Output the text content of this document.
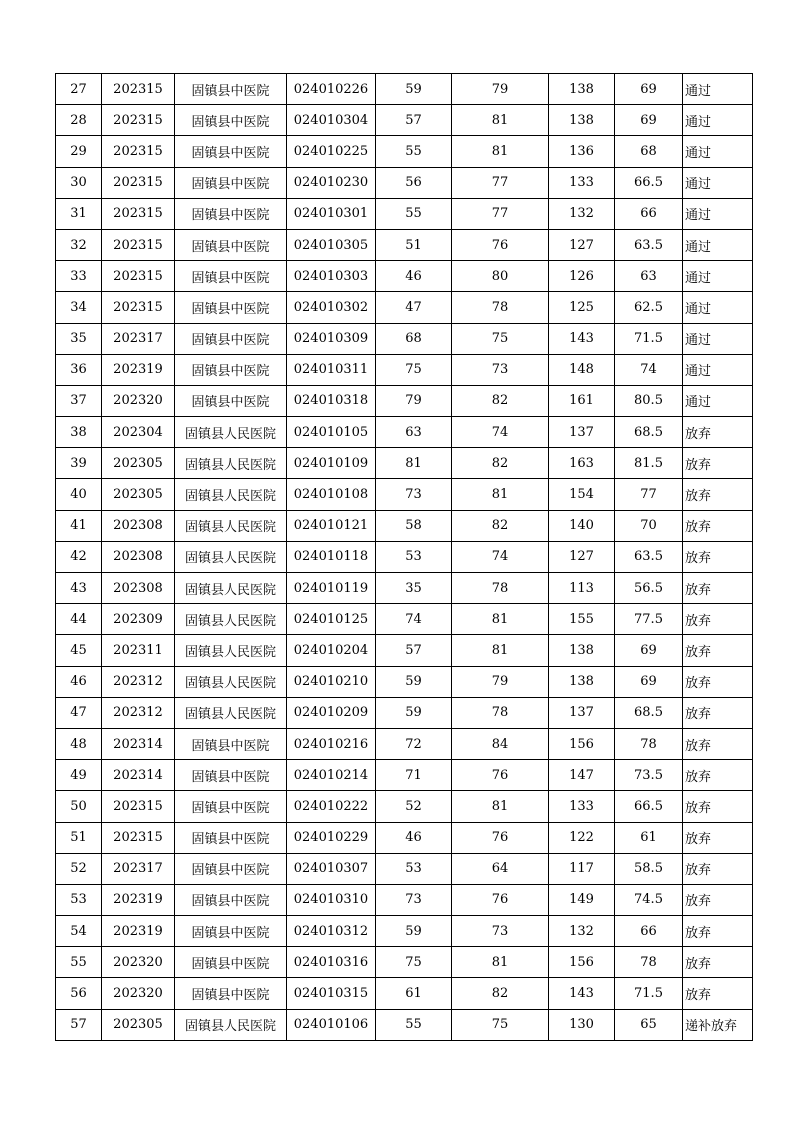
27	202315	固镇县中医院	024010226	59	79	138	69	通过
28	202315	固镇县中医院	024010304	57	81	138	69	通过
29	202315	固镇县中医院	024010225	55	81	136	68	通过
30	202315	固镇县中医院	024010230	56	77	133	66.5	通过
31	202315	固镇县中医院	024010301	55	77	132	66	通过
32	202315	固镇县中医院	024010305	51	76	127	63.5	通过
33	202315	固镇县中医院	024010303	46	80	126	63	通过
34	202315	固镇县中医院	024010302	47	78	125	62.5	通过
35	202317	固镇县中医院	024010309	68	75	143	71.5	通过
36	202319	固镇县中医院	024010311	75	73	148	74	通过
37	202320	固镇县中医院	024010318	79	82	161	80.5	通过
38	202304	固镇县人民医院	024010105	63	74	137	68.5	放弃
39	202305	固镇县人民医院	024010109	81	82	163	81.5	放弃
40	202305	固镇县人民医院	024010108	73	81	154	77	放弃
41	202308	固镇县人民医院	024010121	58	82	140	70	放弃
42	202308	固镇县人民医院	024010118	53	74	127	63.5	放弃
43	202308	固镇县人民医院	024010119	35	78	113	56.5	放弃
44	202309	固镇县人民医院	024010125	74	81	155	77.5	放弃
45	202311	固镇县人民医院	024010204	57	81	138	69	放弃
46	202312	固镇县人民医院	024010210	59	79	138	69	放弃
47	202312	固镇县人民医院	024010209	59	78	137	68.5	放弃
48	202314	固镇县中医院	024010216	72	84	156	78	放弃
49	202314	固镇县中医院	024010214	71	76	147	73.5	放弃
50	202315	固镇县中医院	024010222	52	81	133	66.5	放弃
51	202315	固镇县中医院	024010229	46	76	122	61	放弃
52	202317	固镇县中医院	024010307	53	64	117	58.5	放弃
53	202319	固镇县中医院	024010310	73	76	149	74.5	放弃
54	202319	固镇县中医院	024010312	59	73	132	66	放弃
55	202320	固镇县中医院	024010316	75	81	156	78	放弃
56	202320	固镇县中医院	024010315	61	82	143	71.5	放弃
57	202305	固镇县人民医院	024010106	55	75	130	65	递补放弃
